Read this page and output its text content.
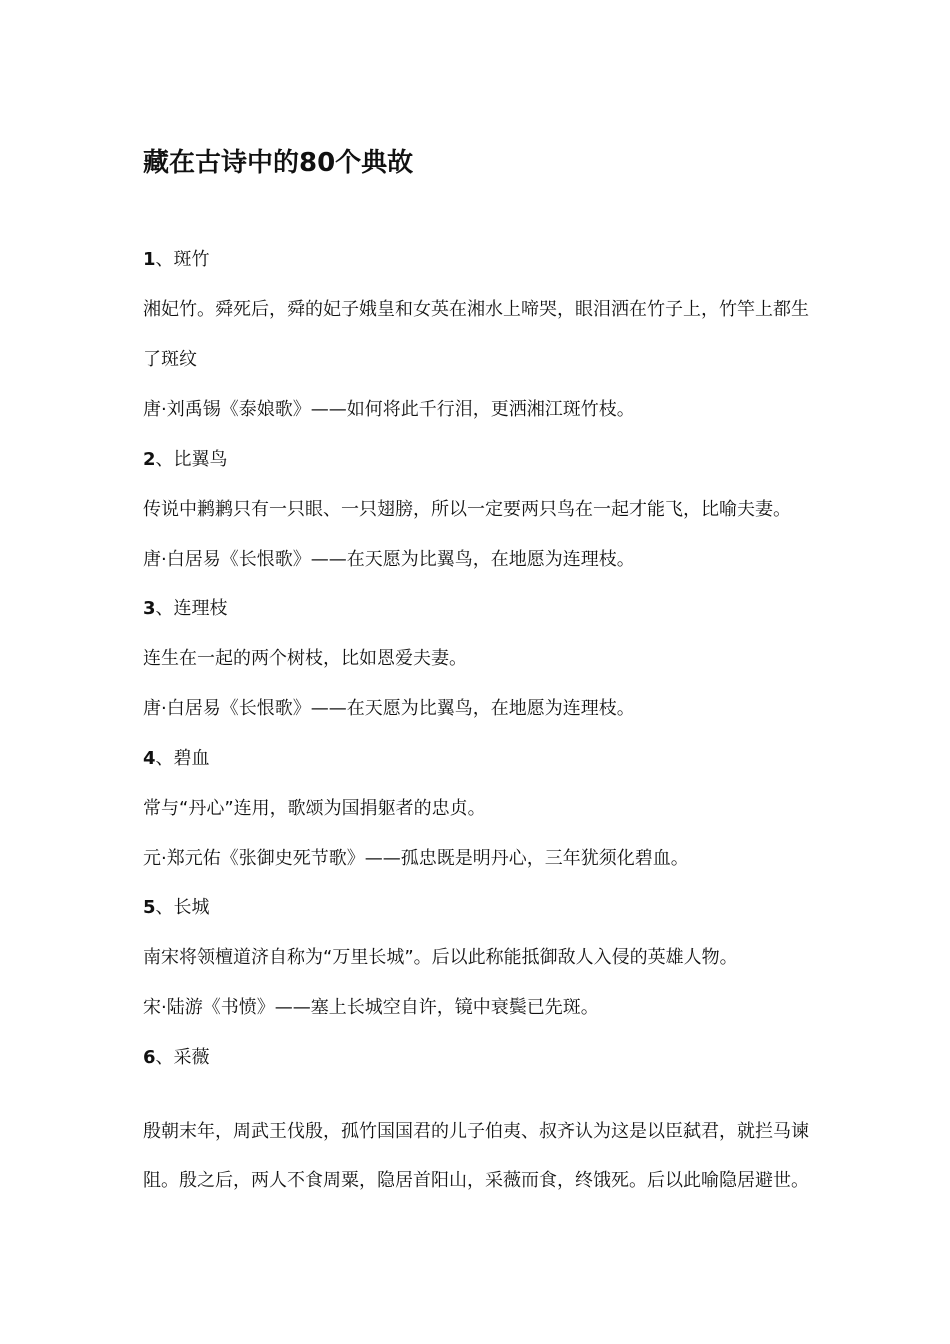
藏在古诗中的80个典故

1、斑竹

湘妃竹。舜死后，舜的妃子娥皇和女英在湘水上啼哭，眼泪洒在竹子上，竹竿上都生

了斑纹

唐·刘禹锡《泰娘歌》——如何将此千行泪，更洒湘江斑竹枝。

2、比翼鸟

传说中鹣鹣只有一只眼、一只翅膀，所以一定要两只鸟在一起才能飞，比喻夫妻。

唐·白居易《长恨歌》——在天愿为比翼鸟，在地愿为连理枝。

3、连理枝

连生在一起的两个树枝，比如恩爱夫妻。

唐·白居易《长恨歌》——在天愿为比翼鸟，在地愿为连理枝。

4、碧血

常与“丹心”连用，歌颂为国捐躯者的忠贞。

元·郑元佑《张御史死节歌》——孤忠既是明丹心，三年犹须化碧血。

5、长城

南宋将领檀道济自称为“万里长城”。后以此称能抵御敌人入侵的英雄人物。

宋·陆游《书愤》——塞上长城空自许，镜中衰鬓已先斑。

6、采薇

殷朝末年，周武王伐殷，孤竹国国君的儿子伯夷、叔齐认为这是以臣弑君，就拦马谏

阻。殷之后，两人不食周粟，隐居首阳山，采薇而食，终饿死。后以此喻隐居避世。
